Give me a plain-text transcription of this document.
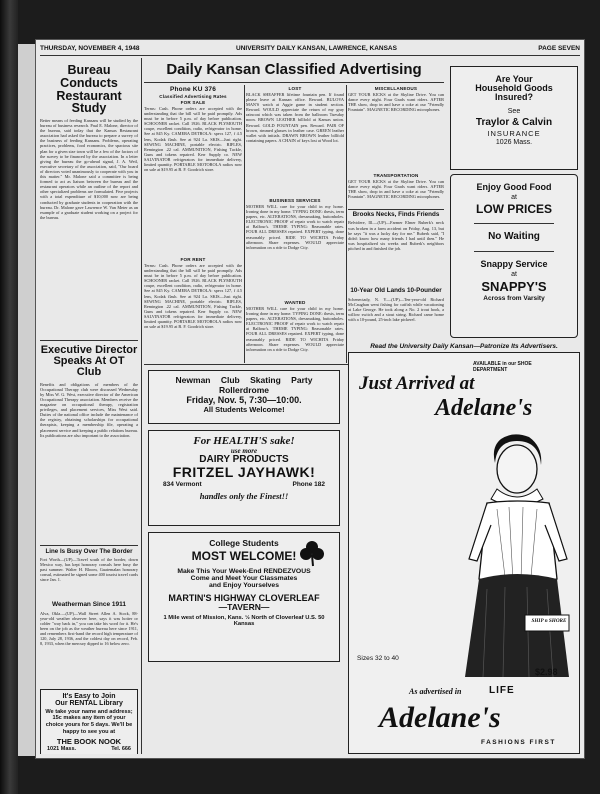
THURSDAY, NOVEMBER 4, 1948	UNIVERSITY DAILY KANSAN, LAWRENCE, KANSAS	PAGE SEVEN
Bureau Conducts Restaurant Study
Better means of feeding Kansans will be studied by the bureau of business research. Paul E. Malone, director of the bureau, said today that the Kansas Restaurant association had asked the bureau to prepare a survey of the business of feeding Kansans. Problems, operating practices, problems, food economics, the spacious site plan for a given size town will be a few of the factors of the survey to be financed by the association. In a letter giving the bureau the go-ahead signal, J. A. Weil, executive secretary of the association, said, "Our board of directors voted unanimously to cooperate with you in this matter." Mr. Malone said a committee is being formed to act as liaison between the bureau and the restaurant operators while an outline of the report and other specialized problems are formulated. Five projects with a total expenditure of $10,000 now are being conducted by graduate students in cooperation with the bureau. Dr. Malone gave Lawrence W. Van Meter as an example of a graduate student working on a project for the bureau.
Executive Director Speaks At OT Club
Benefits and obligations of members of the Occupational Therapy club were discussed Wednesday by Miss W. G. West, executive director of the American Occupational Therapy association. Members receive the magazine on occupational therapy, registration privileges, and placement services, Miss West said. Duties of the national office include the maintenance of the registry, obtaining scholarships for occupational therapists, keeping a membership file, operating a placement service and keeping a public relations bureau. Its publications are also important to the association.
Line Is Busy Over The Border
Fort Worth—(UP)—Travel south of the border, down Mexico way, has kept honorary consuls here busy the past summer. Walter H. Bloom, Guatemalan honorary consul, estimated he signed some 400 tourist travel cards since Jan. 1.
Weatherman Since 1911
Alva, Okla.—(UP)—Wall Street Allen A. Stock, 88-year-old weather observer here, says it was hotter or colder "way back in," you can take his word for it. He's been on the job as the weather bureau here since 1911, and remembers first-hand the record high temperature of 120, July 28, 1936, and the coldest day on record, Feb. 8, 1933, when the mercury dipped to 16 below zero.
It's Easy to Join
Our RENTAL Library
We take your name and address; 15c makes any item of your choice yours for 5 days. We'll be happy to see you at
THE BOOK NOOK
1021 Mass.	Tel. 666
Daily Kansan Classified Advertising
Phone KU 376
Classified Advertising Rates
FOR SALE
Terms: Cash. Phone orders are accepted with the understanding that the bill will be paid promptly. Ads must be in before 5 p.m. of day before publication. SCHOONER racket. Call 1926. BLACK PLYMOUTH coupe, excellent condition, radio, refrigerator in home. See at 845 Ky. CAMERA DETROLA: specs 127, f 4.5 lens, Kodak flash. See at 924 La. SKIS—Just right. SEWING MACHINE, portable electric. RIFLES, Remington .22 cal. AMMUNITION, Fishing Tackle, Guns and tokens repaired. Kerr Supply co. NEW SALVINATOR refrigerators for immediate delivery, limited quantity. PORTABLE MOTOROLA radios now on sale at $19.95 at B. F. Goodrich store.
FOR RENT
Terms: Cash. Phone orders are accepted with the understanding that the bill will be paid promptly. Ads must be in before 5 p.m. of day before publication. SCHOONER racket. Call 1926. BLACK PLYMOUTH coupe, excellent condition, radio, refrigerator in home. See at 845 Ky. CAMERA DETROLA: specs 127, f 4.5 lens, Kodak flash. See at 924 La. SKIS—Just right. SEWING MACHINE, portable electric. RIFLES, Remington .22 cal. AMMUNITION, Fishing Tackle, Guns and tokens repaired. Kerr Supply co. NEW SALVINATOR refrigerators for immediate delivery, limited quantity. PORTABLE MOTOROLA radios now on sale at $19.95 at B. F. Goodrich store.
LOST
BLACK SHEAFFER lifetime fountain pen. If found please leave at Kansan office. Reward. BULOVA MAN'S watch at Aggie game in student section. Reward. WOULD appreciate the return of my gray raincoat which was taken from the ballroom Tuesday noon. BROWN LEATHER billfold at Kansas union. Reward. GOLD FOUNTAIN pen. Reward. PAIR OF brown, rimmed glasses in leather case. GREEN leather wallet with initials. DRAWN BROWN leather billfold containing papers. A CHAIN of keys lost at Wood lot.
BUSINESS SERVICES
MOTHER WILL care for your child in my home. Ironing done in my home. TYPING DONE: thesis, term papers, etc. ALTERATIONS, dressmaking, buttonholes. ELECTRONIC PROOF of repair work to watch repair at Balfour's. THEME TYPING: Reasonable rates. FOUR ALL DRESSES repaired. EXPERT typing, done reasonably priced. RIDE TO WICHITA Friday afternoon. Share expenses. WOULD appreciate information on a ride to Dodge City.
WANTED
MOTHER WILL care for your child in my home. Ironing done in my home. TYPING DONE: thesis, term papers, etc. ALTERATIONS, dressmaking, buttonholes. ELECTRONIC PROOF of repair work to watch repair at Balfour's. THEME TYPING: Reasonable rates. FOUR ALL DRESSES repaired. EXPERT typing, done reasonably priced. RIDE TO WICHITA Friday afternoon. Share expenses. WOULD appreciate information on a ride to Dodge City.
MISCELLANEOUS
GET YOUR KICKS at the Skyline Drive. You can dance every night. Four Grads want riders. AFTER THE show, drop in and have a coke at our "Friendly Fountain". MAGNETIC RECORDING microphones.
TRANSPORTATION
GET YOUR KICKS at the Skyline Drive. You can dance every night. Four Grads want riders. AFTER THE show, drop in and have a coke at our "Friendly Fountain". MAGNETIC RECORDING microphones.
Brooks Necks, Finds Friends
Belvidere, Ill.—(UP)—Farmer Elmer Ruberk's neck was broken in a farm accident on Friday, Aug. 13, but he says "it was a lucky day for me." Ruberk said, "I didn't know how many friends I had until then." He was hospitalized six weeks and Ruberk's neighbors pitched in and finished the job.
10-Year Old Lands 10-Pounder
Schenectady, N. Y.—(UP)—Ten-year-old Richard McCaughan went fishing for catfish while vacationing at Lake George. He took along a No. 2 trout hook, a willow switch and a stout string. Richard came home with a 10-pound, 25-inch lake pickerel.
Are Your
Household Goods
Insured?
See
Traylor & Calvin
INSURANCE
1026 Mass.
Enjoy Good Food
at
LOW PRICES
No Waiting
Snappy Service
at
SNAPPY'S
Across from Varsity
Read the University Daily Kansan—Patronize Its Advertisers.
Newman Club Skating Party
Rollerdrome
Friday, Nov. 5, 7:30—10:00.
All Students Welcome!
For HEALTH'S sake!
use more
DAIRY PRODUCTS
FRITZEL JAYHAWK!
834 Vermont	Phone 182
handles only the Finest!!
College Students
MOST WELCOME!
Make This Your Week-End RENDEZVOUS
Come and Meet Your Classmates
and Enjoy Yourselves
MARTIN'S HIGHWAY CLOVERLEAF
—TAVERN—
1 Mile west of Mission, Kans. ½ North of Cloverleaf U.S. 50 Kansas
AVAILABLE in our SHOE DEPARTMENT
Just Arrived at
Adelane's
Sizes 32 to 40
SHIP n SHORE
As advertised in	LIFE
$2.98
Adelane's
FASHIONS FIRST
